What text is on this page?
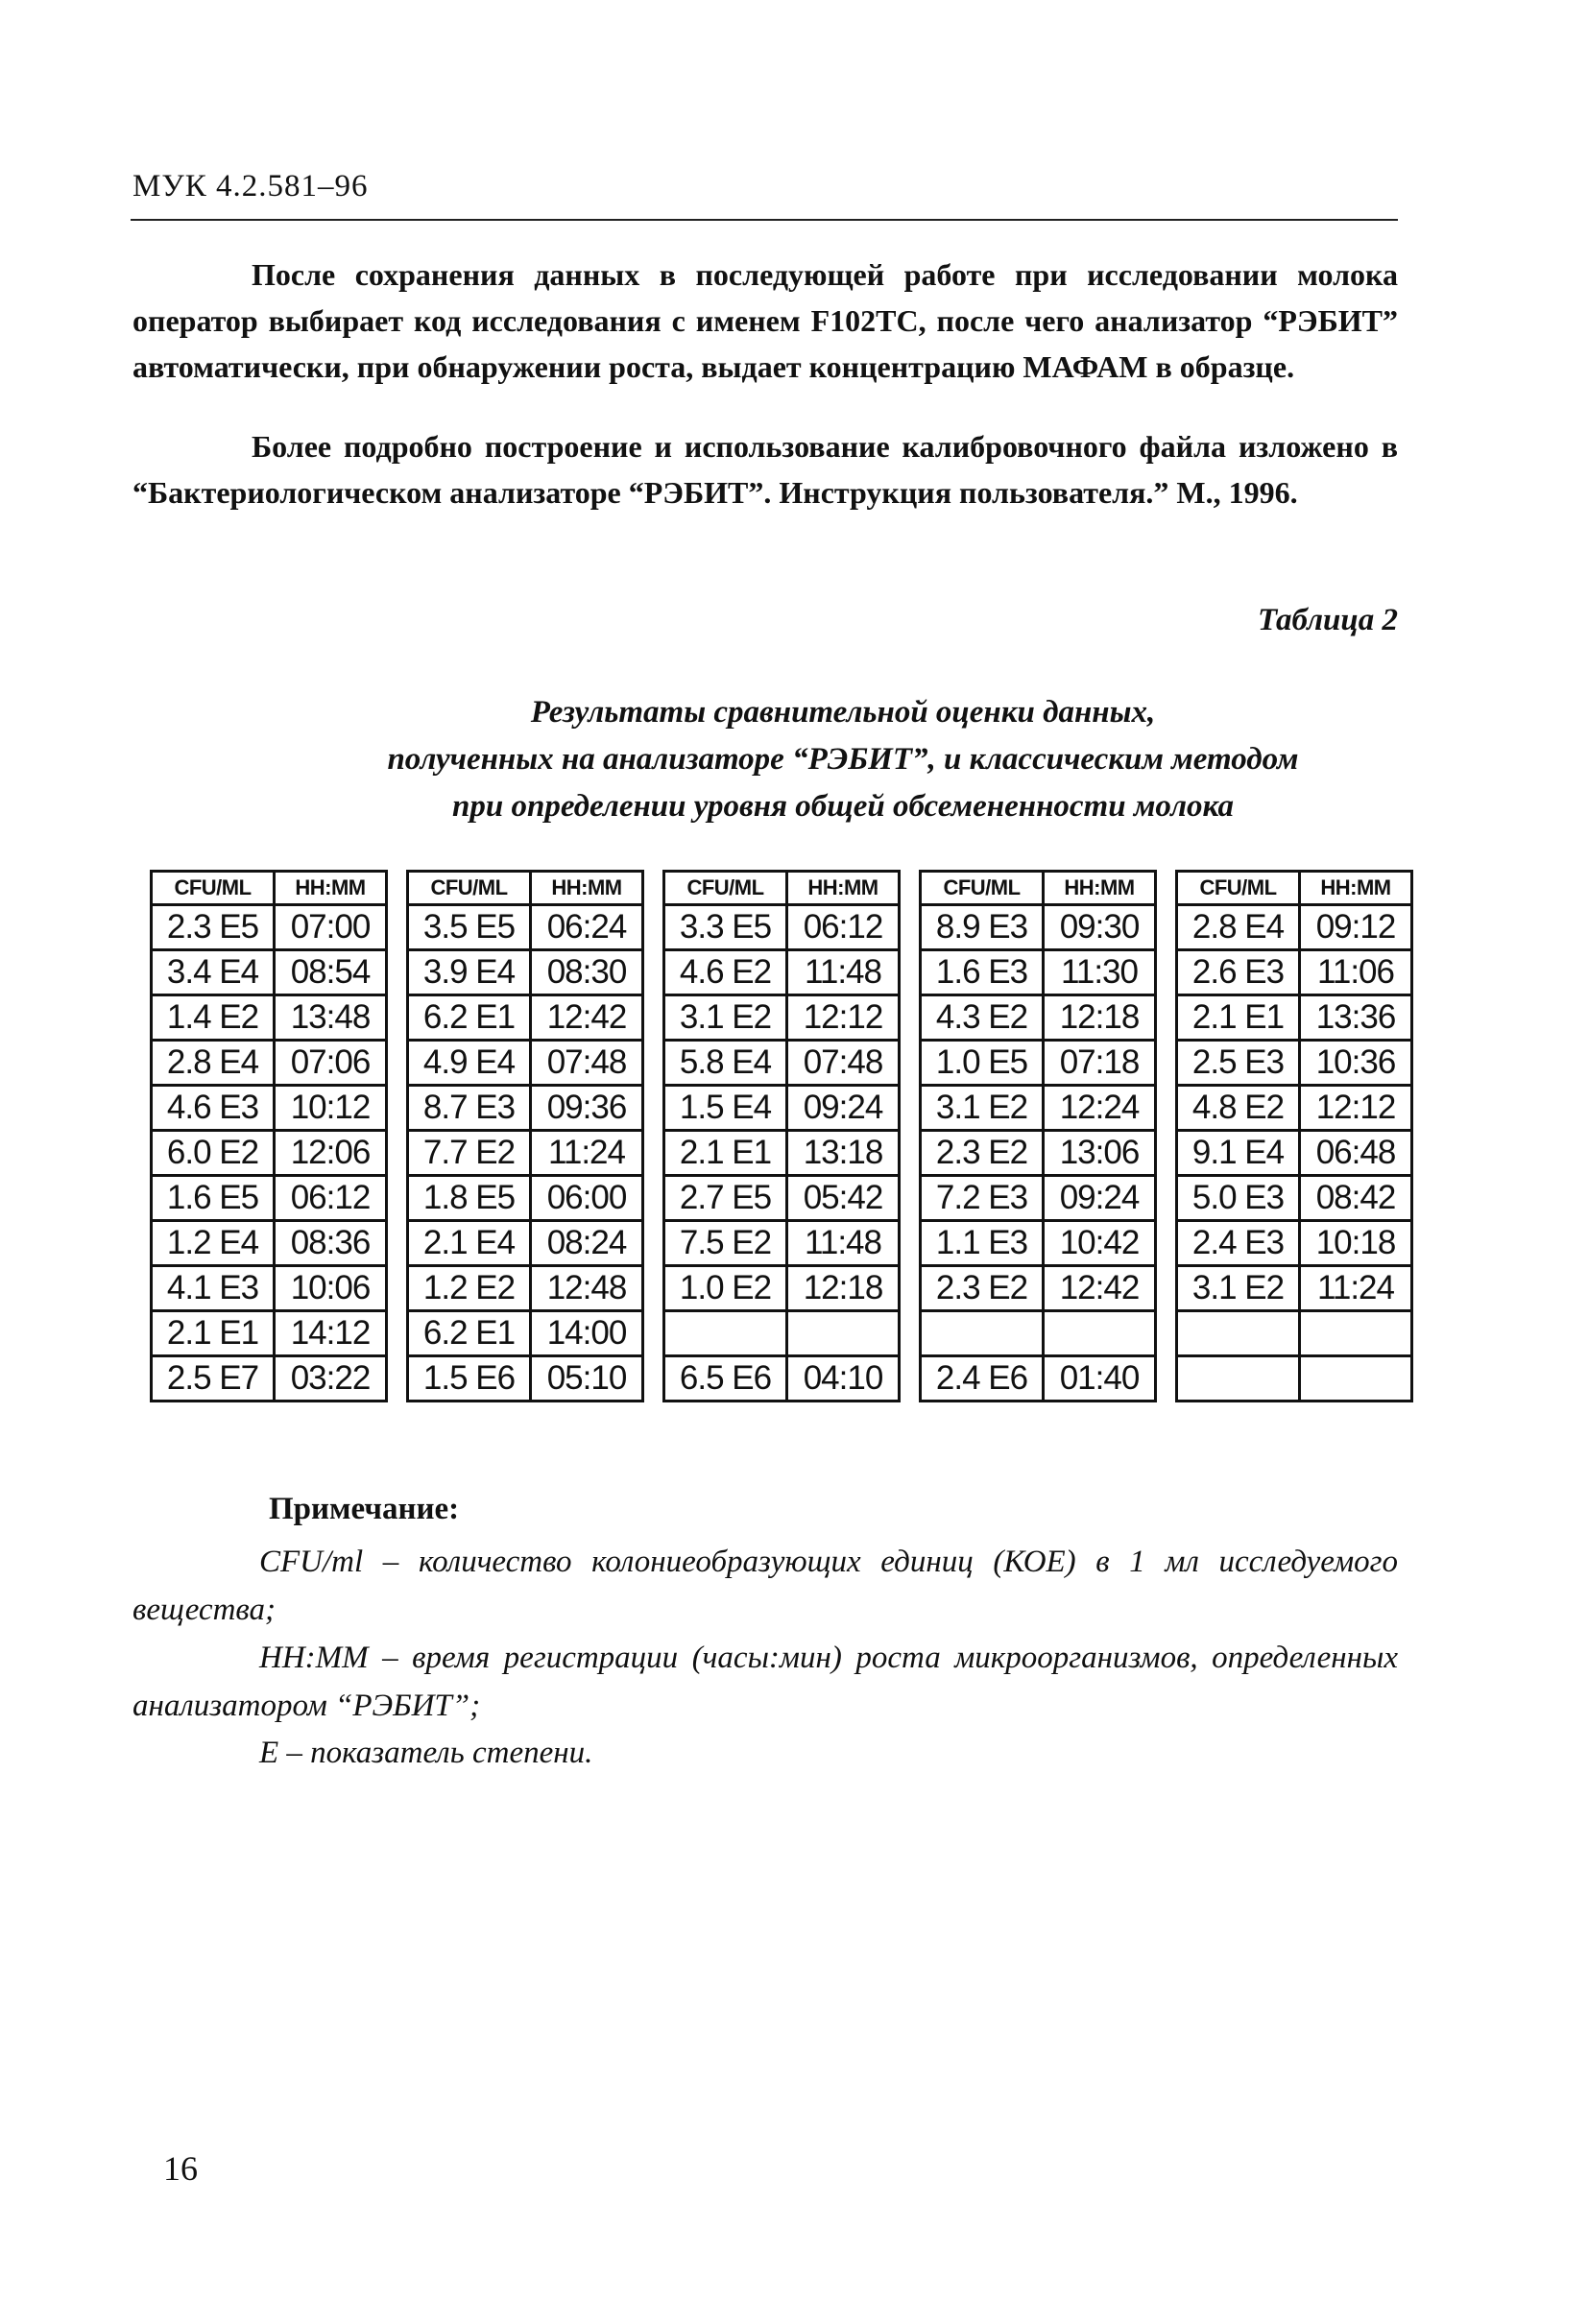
МУК 4.2.581–96

После сохранения данных в последующей работе при исследовании молока оператор выбирает код исследования с именем F102TC, после чего анализатор “РЭБИТ” автоматически, при обнаружении роста, выдает концентрацию МАФАМ в образце.

Более подробно построение и использование калибровочного файла изложено в “Бактериологическом анализаторе “РЭБИТ”. Инструкция пользователя.” М., 1996.

Таблица 2
Результаты сравнительной оценки данных,
полученных на анализаторе “РЭБИТ”, и классическим методом
при определении уровня общей обсемененности молока
CFU/ML	HH:MM
2.3 E5	07:00
3.4 E4	08:54
1.4 E2	13:48
2.8 E4	07:06
4.6 E3	10:12
6.0 E2	12:06
1.6 E5	06:12
1.2 E4	08:36
4.1 E3	10:06
2.1 E1	14:12
2.5 E7	03:22
CFU/ML	HH:MM
3.5 E5	06:24
3.9 E4	08:30
6.2 E1	12:42
4.9 E4	07:48
8.7 E3	09:36
7.7 E2	11:24
1.8 E5	06:00
2.1 E4	08:24
1.2 E2	12:48
6.2 E1	14:00
1.5 E6	05:10
CFU/ML	HH:MM
3.3 E5	06:12
4.6 E2	11:48
3.1 E2	12:12
5.8 E4	07:48
1.5 E4	09:24
2.1 E1	13:18
2.7 E5	05:42
7.5 E2	11:48
1.0 E2	12:18

6.5 E6	04:10
CFU/ML	HH:MM
8.9 E3	09:30
1.6 E3	11:30
4.3 E2	12:18
1.0 E5	07:18
3.1 E2	12:24
2.3 E2	13:06
7.2 E3	09:24
1.1 E3	10:42
2.3 E2	12:42

2.4 E6	01:40
CFU/ML	HH:MM
2.8 E4	09:12
2.6 E3	11:06
2.1 E1	13:36
2.5 E3	10:36
4.8 E2	12:12
9.1 E4	06:48
5.0 E3	08:42
2.4 E3	10:18
3.1 E2	11:24

Примечание:

CFU/ml – количество колониеобразующих единиц (КОЕ) в 1 мл исследуемого вещества;

HH:MM – время регистрации (часы:мин) роста микроорганизмов, определенных анализатором “РЭБИТ”;

E – показатель степени.

16
